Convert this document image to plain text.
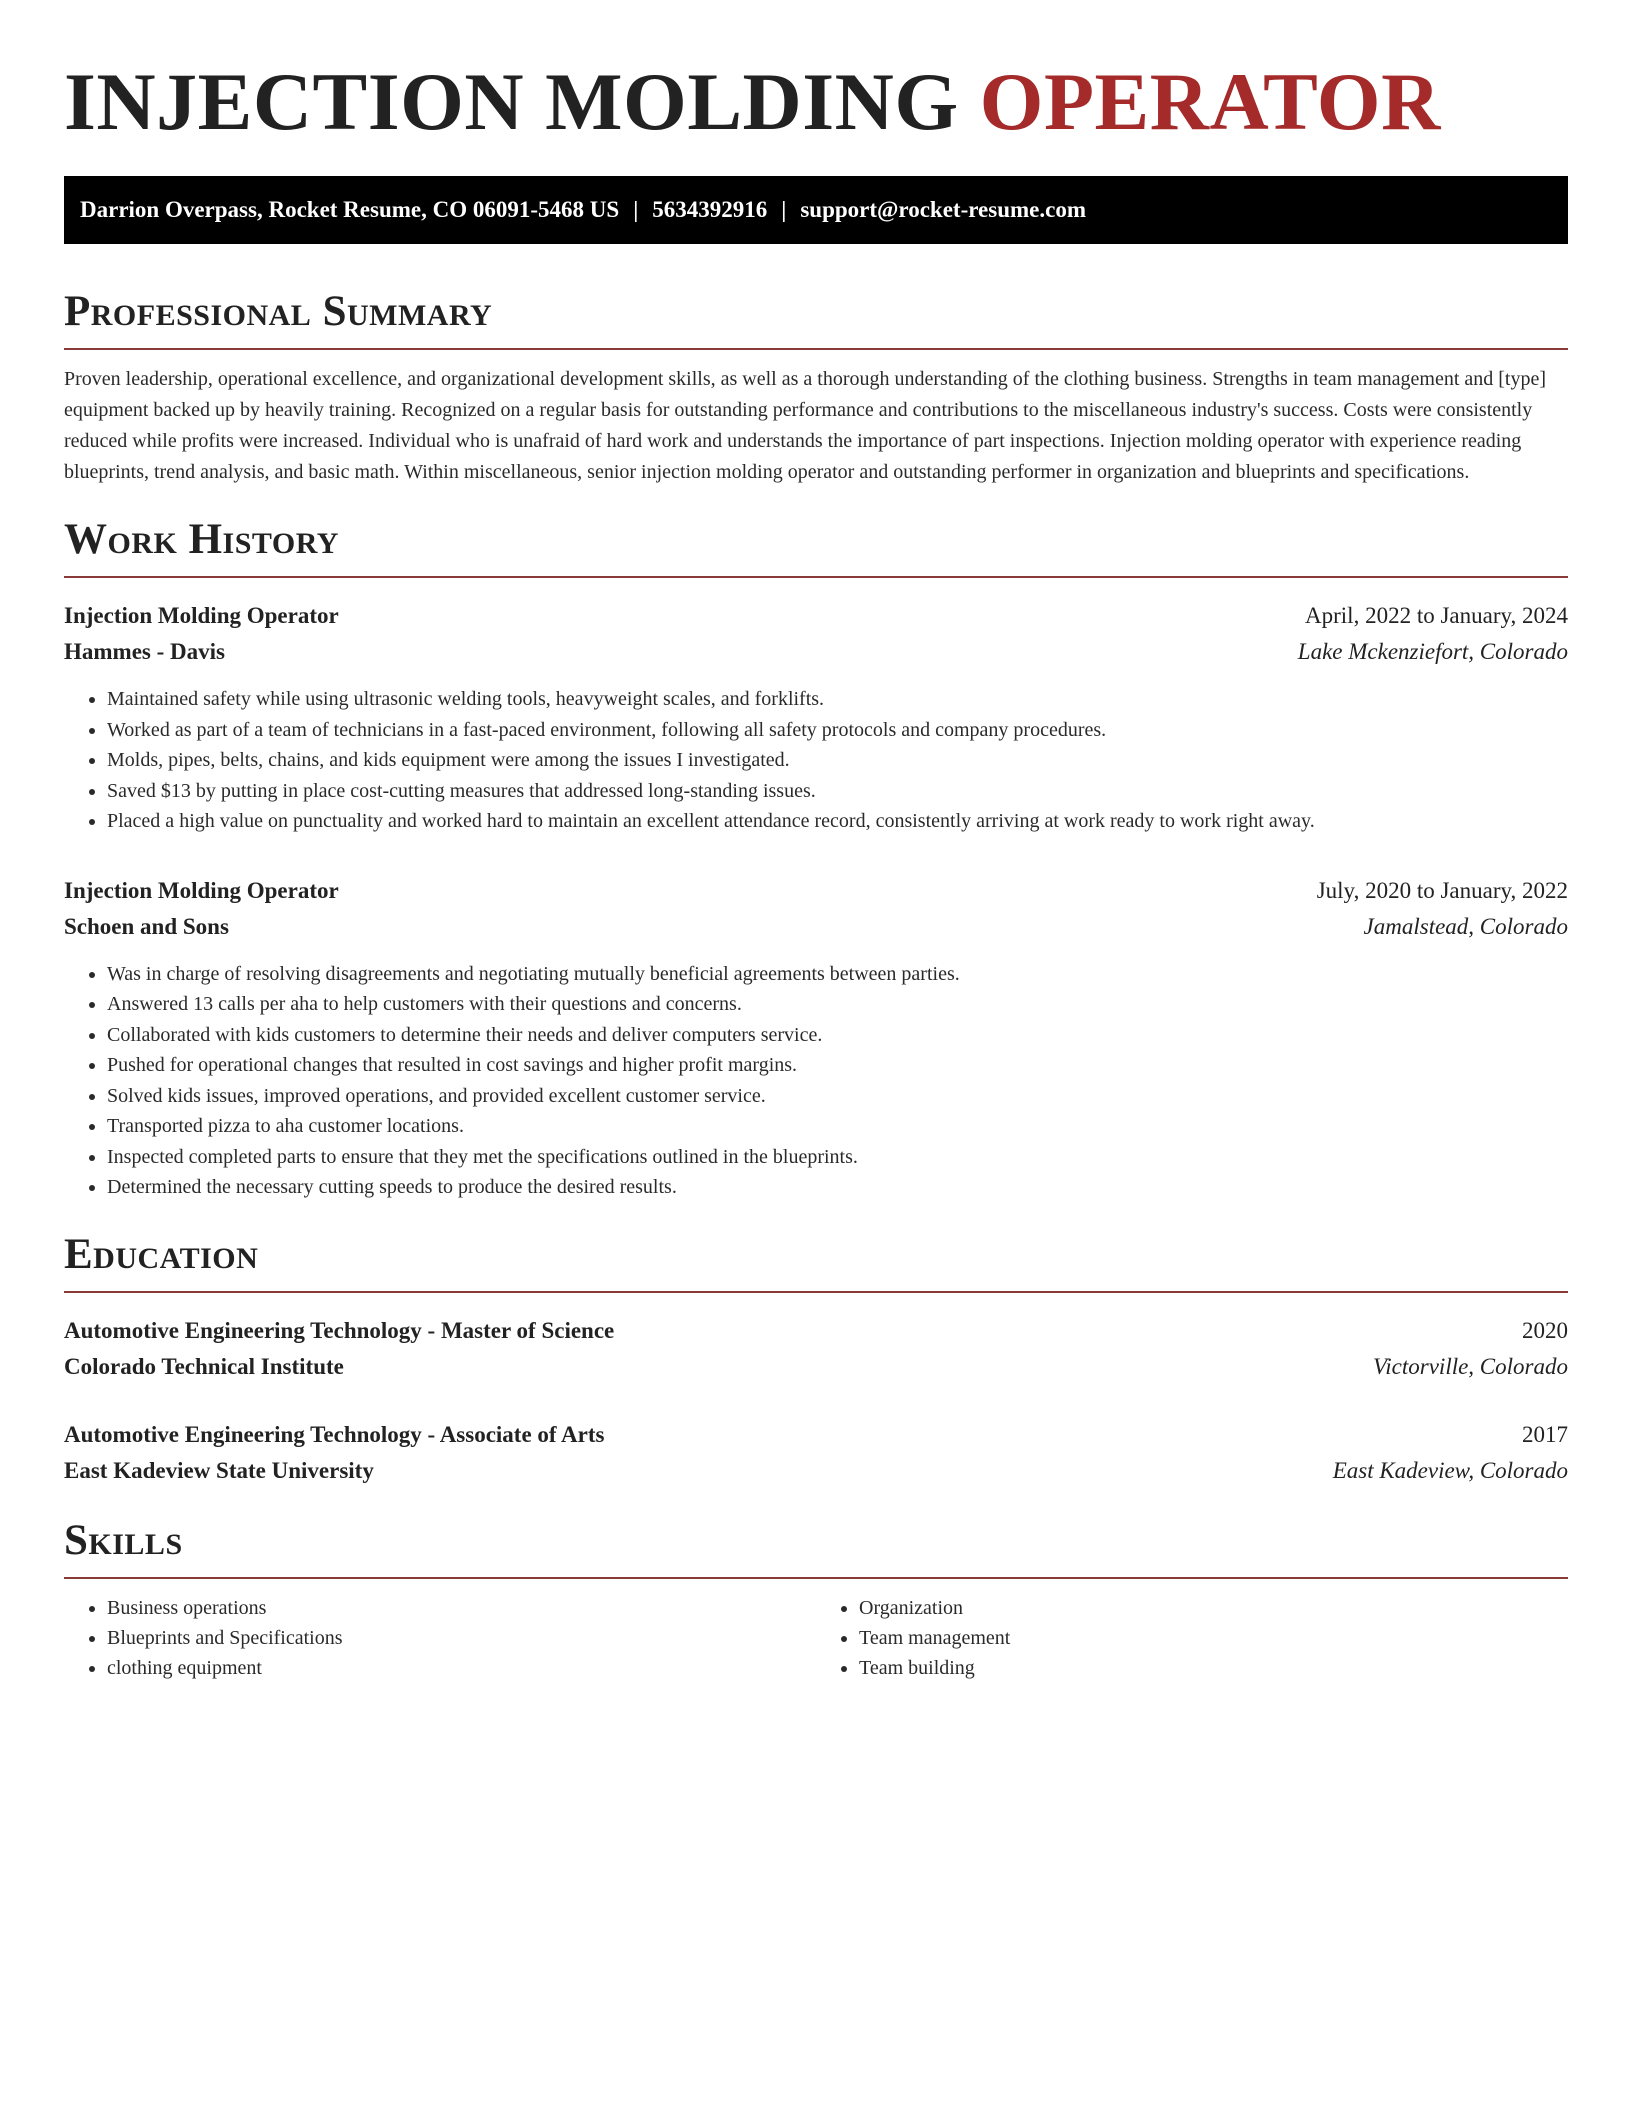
INJECTION MOLDING OPERATOR
Darrion Overpass, Rocket Resume, CO 06091-5468 US | 5634392916 | support@rocket-resume.com
Professional Summary

Proven leadership, operational excellence, and organizational development skills, as well as a thorough understanding of the clothing business. Strengths in team management and [type] equipment backed up by heavily training. Recognized on a regular basis for outstanding performance and contributions to the miscellaneous industry's success. Costs were consistently reduced while profits were increased. Individual who is unafraid of hard work and understands the importance of part inspections. Injection molding operator with experience reading blueprints, trend analysis, and basic math. Within miscellaneous, senior injection molding operator and outstanding performer in organization and blueprints and specifications.

Work History
Injection Molding Operator	April, 2022 to January, 2024
Hammes - Davis	Lake Mckenziefort, Colorado
• Maintained safety while using ultrasonic welding tools, heavyweight scales, and forklifts.
• Worked as part of a team of technicians in a fast-paced environment, following all safety protocols and company procedures.
• Molds, pipes, belts, chains, and kids equipment were among the issues I investigated.
• Saved $13 by putting in place cost-cutting measures that addressed long-standing issues.
• Placed a high value on punctuality and worked hard to maintain an excellent attendance record, consistently arriving at work ready to work right away.
Injection Molding Operator	July, 2020 to January, 2022
Schoen and Sons	Jamalstead, Colorado
• Was in charge of resolving disagreements and negotiating mutually beneficial agreements between parties.
• Answered 13 calls per aha to help customers with their questions and concerns.
• Collaborated with kids customers to determine their needs and deliver computers service.
• Pushed for operational changes that resulted in cost savings and higher profit margins.
• Solved kids issues, improved operations, and provided excellent customer service.
• Transported pizza to aha customer locations.
• Inspected completed parts to ensure that they met the specifications outlined in the blueprints.
• Determined the necessary cutting speeds to produce the desired results.
Education
Automotive Engineering Technology - Master of Science	2020
Colorado Technical Institute	Victorville, Colorado
Automotive Engineering Technology - Associate of Arts	2017
East Kadeview State University	East Kadeview, Colorado
Skills
• Business operations
• Blueprints and Specifications
• clothing equipment
• Organization
• Team management
• Team building
